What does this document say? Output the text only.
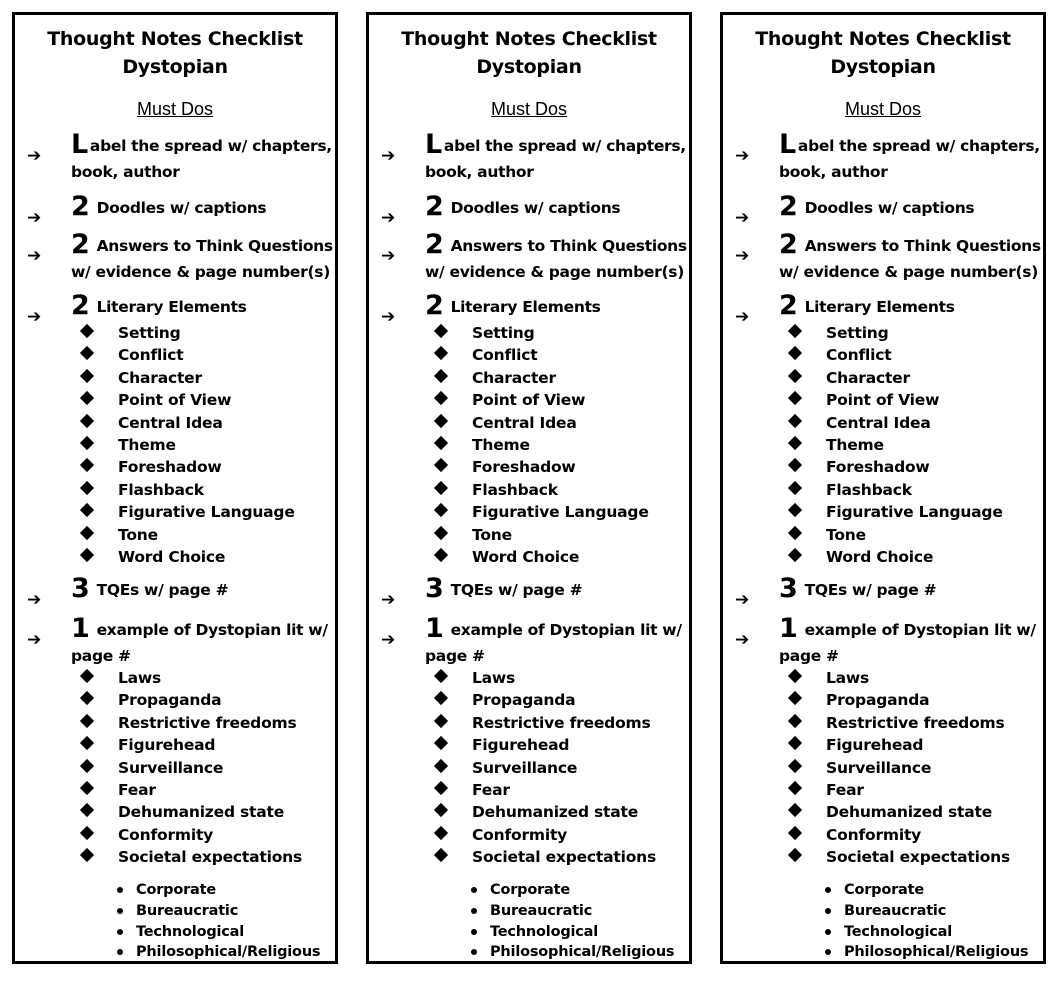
Thought Notes Checklist
Dystopian
Must Dos
➔ Label the spread w/ chapters, book, author
➔ 2 Doodles w/ captions
➔ 2 Answers to Think Questions w/ evidence & page number(s)
➔ 2 Literary Elements
➔ 3 TQEs w/ page #
➔ 1 example of Dystopian lit w/ page #
Setting
Conflict
Character
Point of View
Central Idea
Theme
Foreshadow
Flashback
Figurative Language
Tone
Word Choice
Laws
Propaganda
Restrictive freedoms
Figurehead
Surveillance
Fear
Dehumanized state
Conformity
Societal expectations
Corporate
Bureaucratic
Technological
Philosophical/Religious
Thought Notes Checklist
Dystopian
Must Dos
➔ Label the spread w/ chapters, book, author
➔ 2 Doodles w/ captions
➔ 2 Answers to Think Questions w/ evidence & page number(s)
➔ 2 Literary Elements
➔ 3 TQEs w/ page #
➔ 1 example of Dystopian lit w/ page #
Setting
Conflict
Character
Point of View
Central Idea
Theme
Foreshadow
Flashback
Figurative Language
Tone
Word Choice
Laws
Propaganda
Restrictive freedoms
Figurehead
Surveillance
Fear
Dehumanized state
Conformity
Societal expectations
Corporate
Bureaucratic
Technological
Philosophical/Religious
Thought Notes Checklist
Dystopian
Must Dos
➔ Label the spread w/ chapters, book, author
➔ 2 Doodles w/ captions
➔ 2 Answers to Think Questions w/ evidence & page number(s)
➔ 2 Literary Elements
➔ 3 TQEs w/ page #
➔ 1 example of Dystopian lit w/ page #
Setting
Conflict
Character
Point of View
Central Idea
Theme
Foreshadow
Flashback
Figurative Language
Tone
Word Choice
Laws
Propaganda
Restrictive freedoms
Figurehead
Surveillance
Fear
Dehumanized state
Conformity
Societal expectations
Corporate
Bureaucratic
Technological
Philosophical/Religious
